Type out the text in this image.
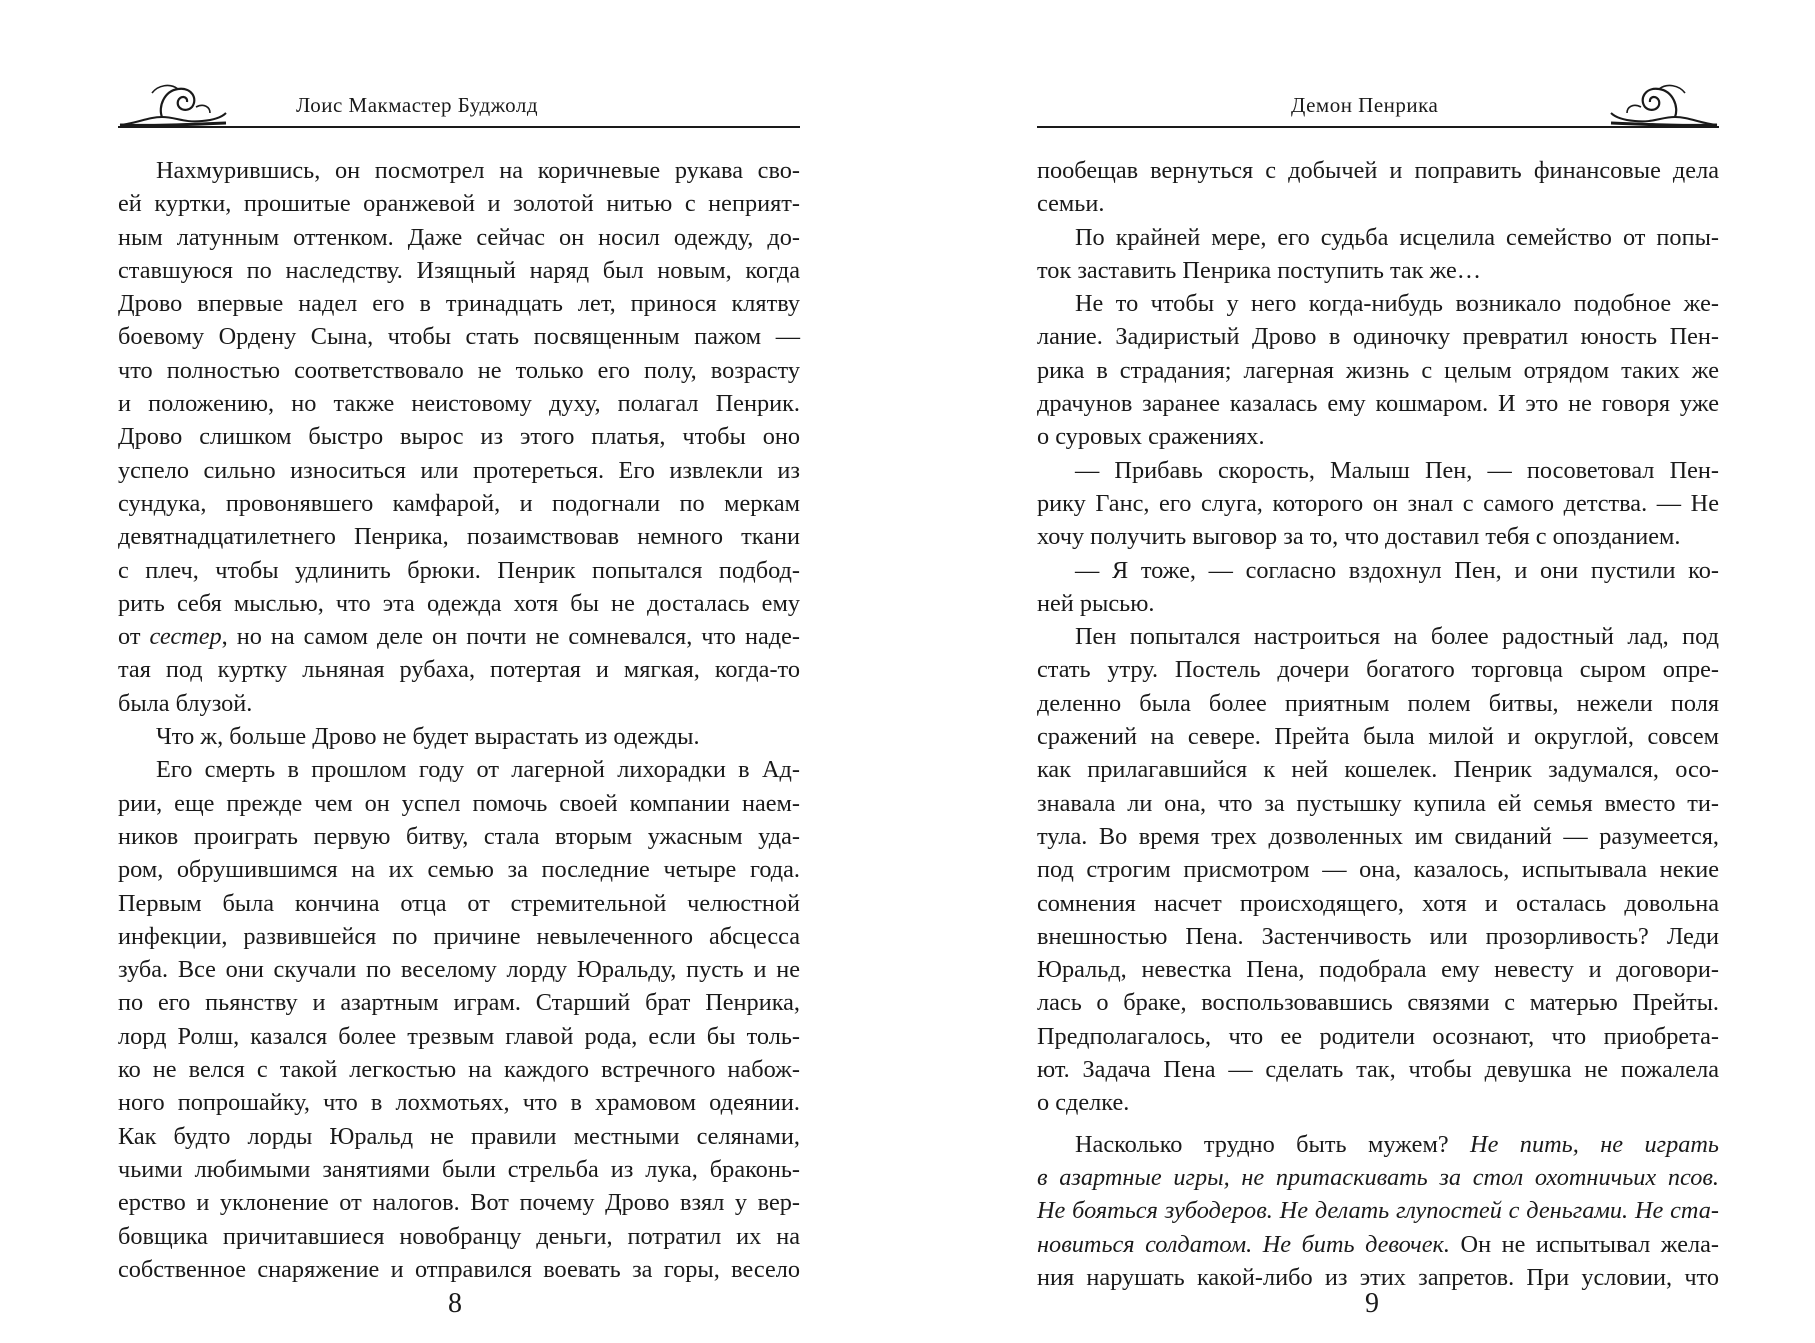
Лоис Макмастер Буджолд
Нахмурившись, он посмотрел на коричневые рукава сво-
ей куртки, прошитые оранжевой и золотой нитью с неприят-
ным латунным оттенком. Даже сейчас он носил одежду, до-
ставшуюся по наследству. Изящный наряд был новым, когда
Дрово впервые надел его в тринадцать лет, принося клятву
боевому Ордену Сына, чтобы стать посвященным пажом —
что полностью соответствовало не только его полу, возрасту
и положению, но также неистовому духу, полагал Пенрик.
Дрово слишком быстро вырос из этого платья, чтобы оно
успело сильно износиться или протереться. Его извлекли из
сундука, провонявшего камфарой, и подогнали по меркам
девятнадцатилетнего Пенрика, позаимствовав немного ткани
с плеч, чтобы удлинить брюки. Пенрик попытался подбод-
рить себя мыслью, что эта одежда хотя бы не досталась ему
от сестер, но на самом деле он почти не сомневался, что наде-
тая под куртку льняная рубаха, потертая и мягкая, когда-то
была блузой.
Что ж, больше Дрово не будет вырастать из одежды.
Его смерть в прошлом году от лагерной лихорадки в Ад-
рии, еще прежде чем он успел помочь своей компании наем-
ников проиграть первую битву, стала вторым ужасным уда-
ром, обрушившимся на их семью за последние четыре года.
Первым была кончина отца от стремительной челюстной
инфекции, развившейся по причине невылеченного абсцесса
зуба. Все они скучали по веселому лорду Юральду, пусть и не
по его пьянству и азартным играм. Старший брат Пенрика,
лорд Ролш, казался более трезвым главой рода, если бы толь-
ко не велся с такой легкостью на каждого встречного набож-
ного попрошайку, что в лохмотьях, что в храмовом одеянии.
Как будто лорды Юральд не правили местными селянами,
чьими любимыми занятиями были стрельба из лука, браконь-
ерство и уклонение от налогов. Вот почему Дрово взял у вер-
бовщика причитавшиеся новобранцу деньги, потратил их на
собственное снаряжение и отправился воевать за горы, весело
8
Демон Пенрика
пообещав вернуться с добычей и поправить финансовые дела
семьи.
По крайней мере, его судьба исцелила семейство от попы-
ток заставить Пенрика поступить так же…
Не то чтобы у него когда-нибудь возникало подобное же-
лание. Задиристый Дрово в одиночку превратил юность Пен-
рика в страдания; лагерная жизнь с целым отрядом таких же
драчунов заранее казалась ему кошмаром. И это не говоря уже
о суровых сражениях.
— Прибавь скорость, Малыш Пен, — посоветовал Пен-
рику Ганс, его слуга, которого он знал с самого детства. — Не
хочу получить выговор за то, что доставил тебя с опозданием.
— Я тоже, — согласно вздохнул Пен, и они пустили ко-
ней рысью.
Пен попытался настроиться на более радостный лад, под
стать утру. Постель дочери богатого торговца сыром опре-
деленно была более приятным полем битвы, нежели поля
сражений на севере. Прейта была милой и округлой, совсем
как прилагавшийся к ней кошелек. Пенрик задумался, осо-
знавала ли она, что за пустышку купила ей семья вместо ти-
тула. Во время трех дозволенных им свиданий — разумеется,
под строгим присмотром — она, казалось, испытывала некие
сомнения насчет происходящего, хотя и осталась довольна
внешностью Пена. Застенчивость или прозорливость? Леди
Юральд, невестка Пена, подобрала ему невесту и договори-
лась о браке, воспользовавшись связями с матерью Прейты.
Предполагалось, что ее родители осознают, что приобрета-
ют. Задача Пена — сделать так, чтобы девушка не пожалела
о сделке.
Насколько трудно быть мужем? Не пить, не играть
в азартные игры, не притаскивать за стол охотничьих псов.
Не бояться зубодеров. Не делать глупостей с деньгами. Не ста-
новиться солдатом. Не бить девочек. Он не испытывал жела-
ния нарушать какой-либо из этих запретов. При условии, что
9
